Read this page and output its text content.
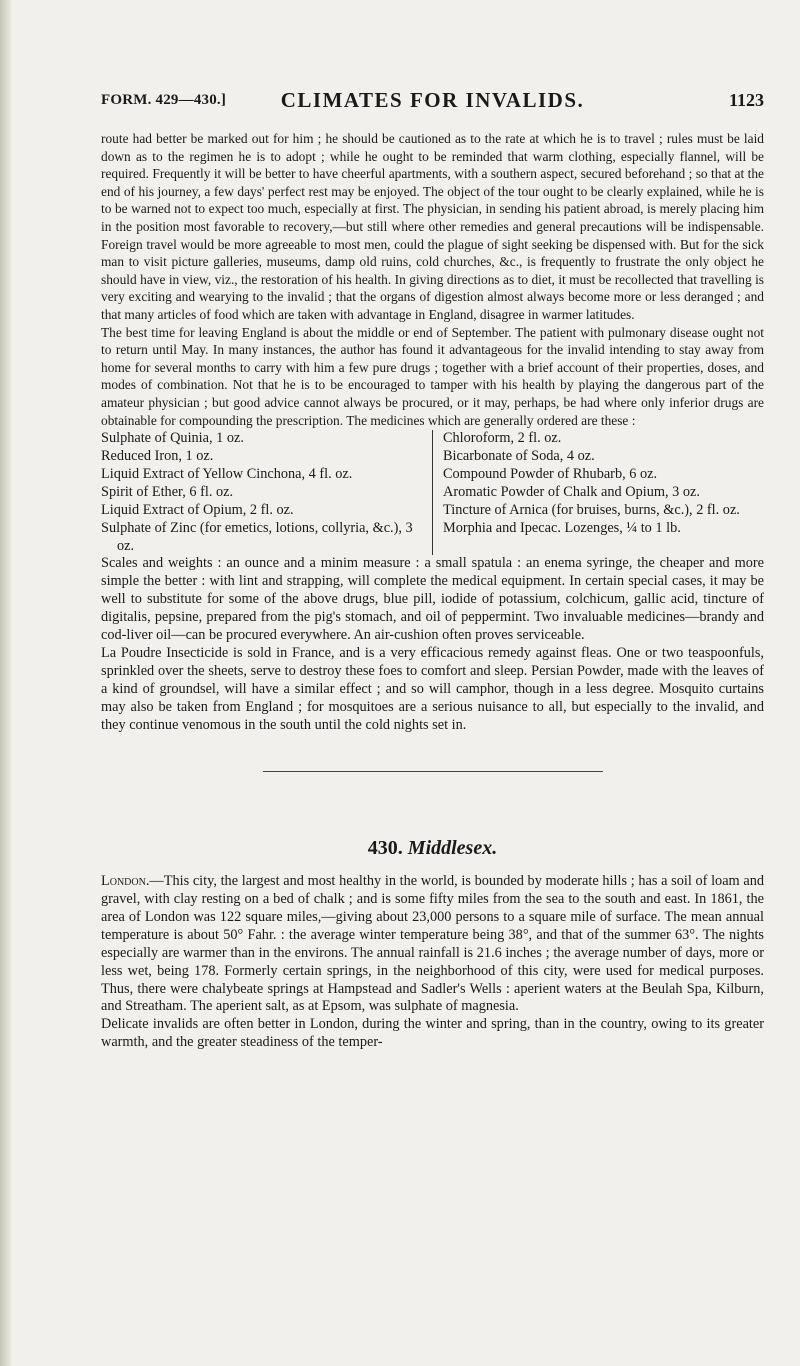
FORM. 429—430.]	CLIMATES FOR INVALIDS.	1123

route had better be marked out for him ; he should be cautioned as to the rate at which he is to travel ; rules must be laid down as to the regimen he is to adopt ; while he ought to be reminded that warm clothing, especially flannel, will be required. Frequently it will be better to have cheerful apartments, with a southern aspect, secured beforehand ; so that at the end of his journey, a few days' perfect rest may be enjoyed. The object of the tour ought to be clearly explained, while he is to be warned not to expect too much, especially at first. The physician, in sending his patient abroad, is merely placing him in the position most favorable to recovery,—but still where other remedies and general precautions will be indispensable. Foreign travel would be more agreeable to most men, could the plague of sight seeking be dispensed with. But for the sick man to visit picture galleries, museums, damp old ruins, cold churches, &c., is frequently to frustrate the only object he should have in view, viz., the restoration of his health. In giving directions as to diet, it must be recollected that travelling is very exciting and wearying to the invalid ; that the organs of digestion almost always become more or less deranged ; and that many articles of food which are taken with advantage in England, disagree in warmer latitudes.

The best time for leaving England is about the middle or end of September. The patient with pulmonary disease ought not to return until May. In many instances, the author has found it advantageous for the invalid intending to stay away from home for several months to carry with him a few pure drugs ; together with a brief account of their properties, doses, and modes of combination. Not that he is to be encouraged to tamper with his health by playing the dangerous part of the amateur physician ; but good advice cannot always be procured, or it may, perhaps, be had where only inferior drugs are obtainable for compounding the prescription. The medicines which are generally ordered are these :

Sulphate of Quinia, 1 oz.
Reduced Iron, 1 oz.
Liquid Extract of Yellow Cinchona, 4 fl. oz.
Spirit of Ether, 6 fl. oz.
Liquid Extract of Opium, 2 fl. oz.
Sulphate of Zinc (for emetics, lotions, collyria, &c.), 3 oz.
Chloroform, 2 fl. oz.
Bicarbonate of Soda, 4 oz.
Compound Powder of Rhubarb, 6 oz.
Aromatic Powder of Chalk and Opium, 3 oz.
Tincture of Arnica (for bruises, burns, &c.), 2 fl. oz.
Morphia and Ipecac. Lozenges, ¼ to 1 lb.

Scales and weights : an ounce and a minim measure : a small spatula : an enema syringe, the cheaper and more simple the better : with lint and strapping, will complete the medical equipment. In certain special cases, it may be well to substitute for some of the above drugs, blue pill, iodide of potassium, colchicum, gallic acid, tincture of digitalis, pepsine, prepared from the pig's stomach, and oil of peppermint. Two invaluable medicines—brandy and cod-liver oil—can be procured everywhere. An air-cushion often proves serviceable.

La Poudre Insecticide is sold in France, and is a very efficacious remedy against fleas. One or two teaspoonfuls, sprinkled over the sheets, serve to destroy these foes to comfort and sleep. Persian Powder, made with the leaves of a kind of groundsel, will have a similar effect ; and so will camphor, though in a less degree. Mosquito curtains may also be taken from England ; for mosquitoes are a serious nuisance to all, but especially to the invalid, and they continue venomous in the south until the cold nights set in.

430. Middlesex.

London.—This city, the largest and most healthy in the world, is bounded by moderate hills ; has a soil of loam and gravel, with clay resting on a bed of chalk ; and is some fifty miles from the sea to the south and east. In 1861, the area of London was 122 square miles,—giving about 23,000 persons to a square mile of surface. The mean annual temperature is about 50° Fahr. : the average winter temperature being 38°, and that of the summer 63°. The nights especially are warmer than in the environs. The annual rainfall is 21.6 inches ; the average number of days, more or less wet, being 178. Formerly certain springs, in the neighborhood of this city, were used for medical purposes. Thus, there were chalybeate springs at Hampstead and Sadler's Wells : aperient waters at the Beulah Spa, Kilburn, and Streatham. The aperient salt, as at Epsom, was sulphate of magnesia.

Delicate invalids are often better in London, during the winter and spring, than in the country, owing to its greater warmth, and the greater steadiness of the temper-
